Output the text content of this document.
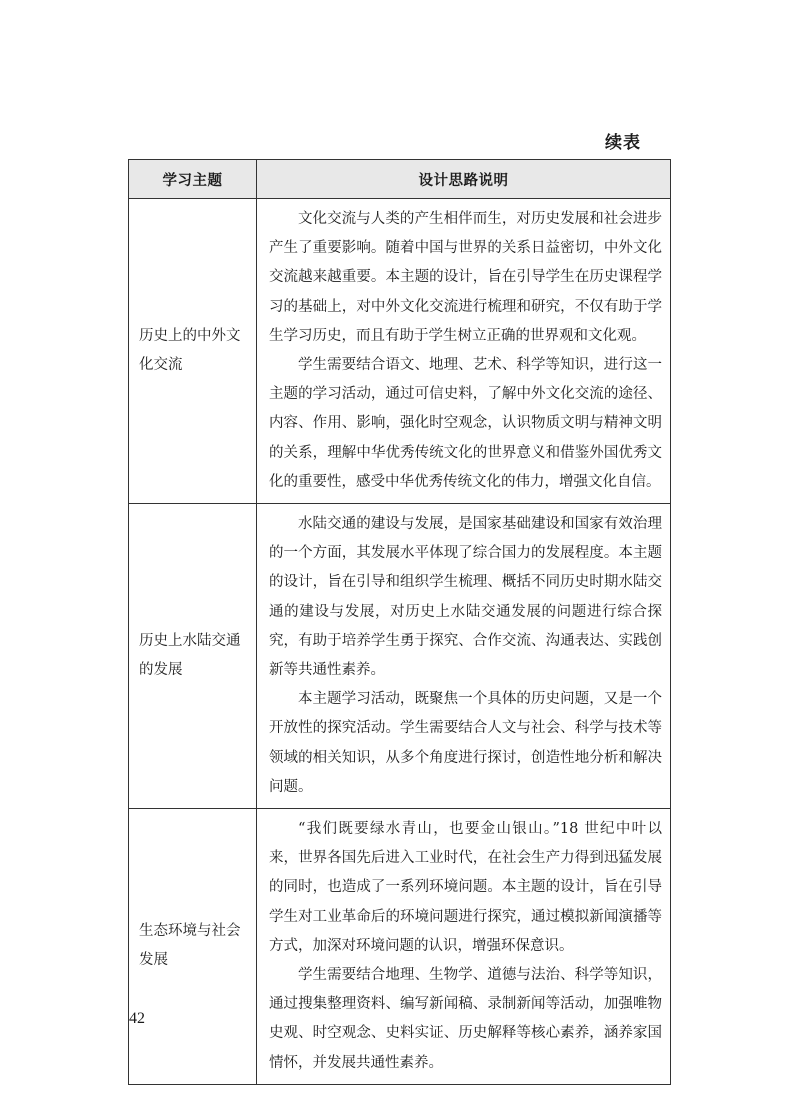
续表
学习主题	设计思路说明
历史上的中外文化交流	文化交流与人类的产生相伴而生，对历史发展和社会进步产生了重要影响。随着中国与世界的关系日益密切，中外文化交流越来越重要。本主题的设计，旨在引导学生在历史课程学习的基础上，对中外文化交流进行梳理和研究，不仅有助于学生学习历史，而且有助于学生树立正确的世界观和文化观。

学生需要结合语文、地理、艺术、科学等知识，进行这一主题的学习活动，通过可信史料，了解中外文化交流的途径、内容、作用、影响，强化时空观念，认识物质文明与精神文明的关系，理解中华优秀传统文化的世界意义和借鉴外国优秀文化的重要性，感受中华优秀传统文化的伟力，增强文化自信。

历史上水陆交通的发展	水陆交通的建设与发展，是国家基础建设和国家有效治理的一个方面，其发展水平体现了综合国力的发展程度。本主题的设计，旨在引导和组织学生梳理、概括不同历史时期水陆交通的建设与发展，对历史上水陆交通发展的问题进行综合探究，有助于培养学生勇于探究、合作交流、沟通表达、实践创新等共通性素养。

本主题学习活动，既聚焦一个具体的历史问题，又是一个开放性的探究活动。学生需要结合人文与社会、科学与技术等领域的相关知识，从多个角度进行探讨，创造性地分析和解决问题。

生态环境与社会发展	“我们既要绿水青山，也要金山银山。”18 世纪中叶以来，世界各国先后进入工业时代，在社会生产力得到迅猛发展的同时，也造成了一系列环境问题。本主题的设计，旨在引导学生对工业革命后的环境问题进行探究，通过模拟新闻演播等方式，加深对环境问题的认识，增强环保意识。

学生需要结合地理、生物学、道德与法治、科学等知识，通过搜集整理资料、编写新闻稿、录制新闻等活动，加强唯物史观、时空观念、史料实证、历史解释等核心素养，涵养家国情怀，并发展共通性素养。

42
